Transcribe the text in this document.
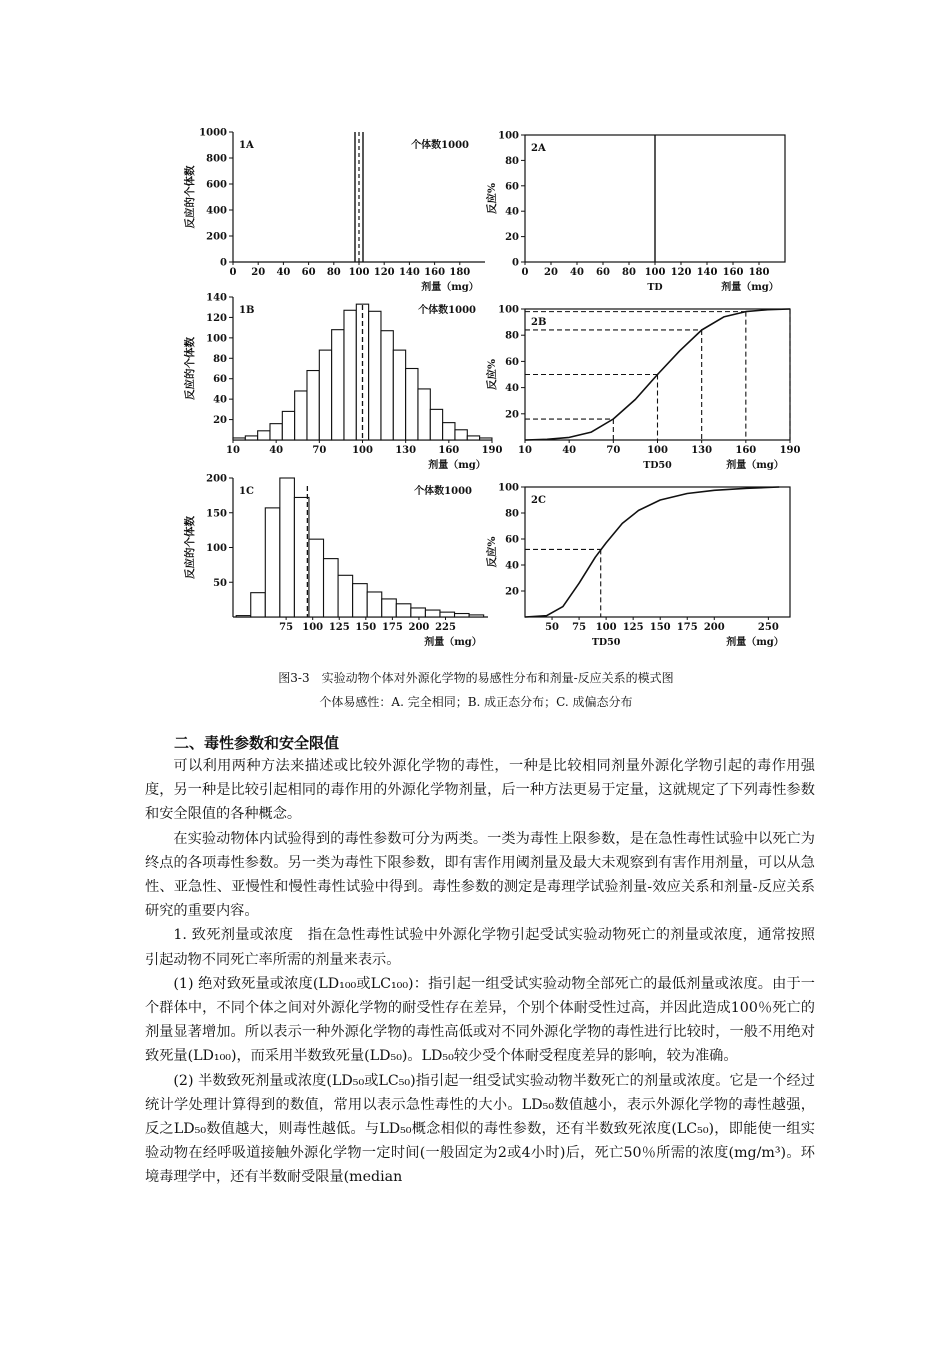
0
200
400
600
800
1000
0 20 40 60 80 100 120 140 160 180
1A	个体数1000
剂量（mg）
反应的个体数
0
20
40
60
80
100
0 20 40 60 80 100 120 140 160 180
2A
剂量（mg）
TD
反应%
20
40
60
80
100
120
140
10	40	70	100 130 160 190
1B	个体数1000
剂量（mg）
反应的个体数
20
40
60
80
100
10	40	70	100 130 160 190
2B
剂量（mg）
TD50
反应%
50
100
150
200
75 100 125 150 175 200 225
1C	个体数1000
剂量（mg）
反应的个体数
20
40
60
80
100
50 75 100 125 150 175 200	250
2C
剂量（mg）
TD50
反应%
图3-3　实验动物个体对外源化学物的易感性分布和剂量-反应关系的模式图
个体易感性：A. 完全相同；B. 成正态分布；C. 成偏态分布
二、毒性参数和安全限值

可以利用两种方法来描述或比较外源化学物的毒性，一种是比较相同剂量外源化学物引起的毒作用强度，另一种是比较引起相同的毒作用的外源化学物剂量，后一种方法更易于定量，这就规定了下列毒性参数和安全限值的各种概念。

在实验动物体内试验得到的毒性参数可分为两类。一类为毒性上限参数，是在急性毒性试验中以死亡为终点的各项毒性参数。另一类为毒性下限参数，即有害作用阈剂量及最大未观察到有害作用剂量，可以从急性、亚急性、亚慢性和慢性毒性试验中得到。毒性参数的测定是毒理学试验剂量-效应关系和剂量-反应关系研究的重要内容。

1. 致死剂量或浓度　指在急性毒性试验中外源化学物引起受试实验动物死亡的剂量或浓度，通常按照引起动物不同死亡率所需的剂量来表示。

(1) 绝对致死量或浓度(LD₁₀₀或LC₁₀₀)：指引起一组受试实验动物全部死亡的最低剂量或浓度。由于一个群体中，不同个体之间对外源化学物的耐受性存在差异，个别个体耐受性过高，并因此造成100％死亡的剂量显著增加。所以表示一种外源化学物的毒性高低或对不同外源化学物的毒性进行比较时，一般不用绝对致死量(LD₁₀₀)，而采用半数致死量(LD₅₀)。LD₅₀较少受个体耐受程度差异的影响，较为准确。

(2) 半数致死剂量或浓度(LD₅₀或LC₅₀)指引起一组受试实验动物半数死亡的剂量或浓度。它是一个经过统计学处理计算得到的数值，常用以表示急性毒性的大小。LD₅₀数值越小，表示外源化学物的毒性越强，反之LD₅₀数值越大，则毒性越低。与LD₅₀概念相似的毒性参数，还有半数致死浓度(LC₅₀)，即能使一组实验动物在经呼吸道接触外源化学物一定时间(一般固定为2或4小时)后，死亡50％所需的浓度(mg/m³)。环境毒理学中，还有半数耐受限量(median
